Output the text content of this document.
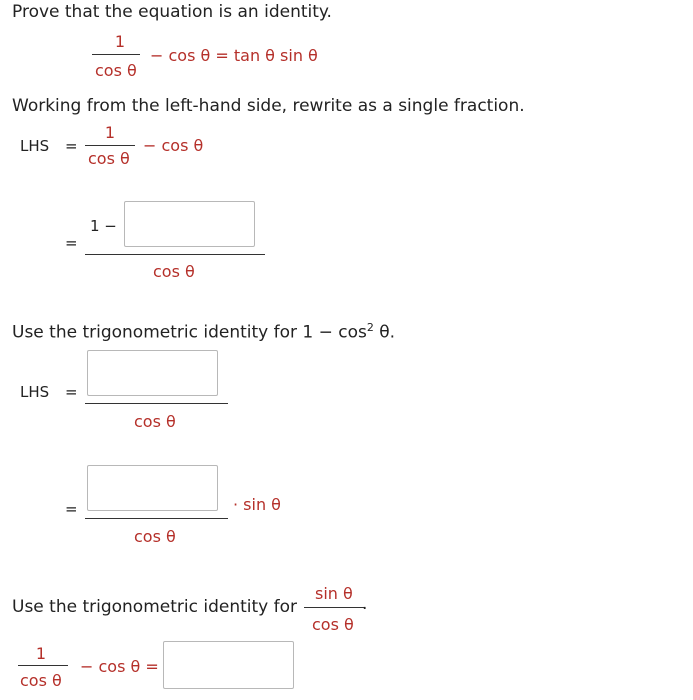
Prove that the equation is an identity.
1
cos θ
− cos θ = tan θ sin θ
Working from the left-hand side, rewrite as a single fraction.
LHS =
1
cos θ
− cos θ
=
1 −
cos θ
Use the trigonometric identity for $1 - \cos^2 \theta$.
LHS =
cos θ
=
cos θ
· sin θ
Use the trigonometric identity for
sin θ
cos θ
.
1
cos θ
− cos θ =
